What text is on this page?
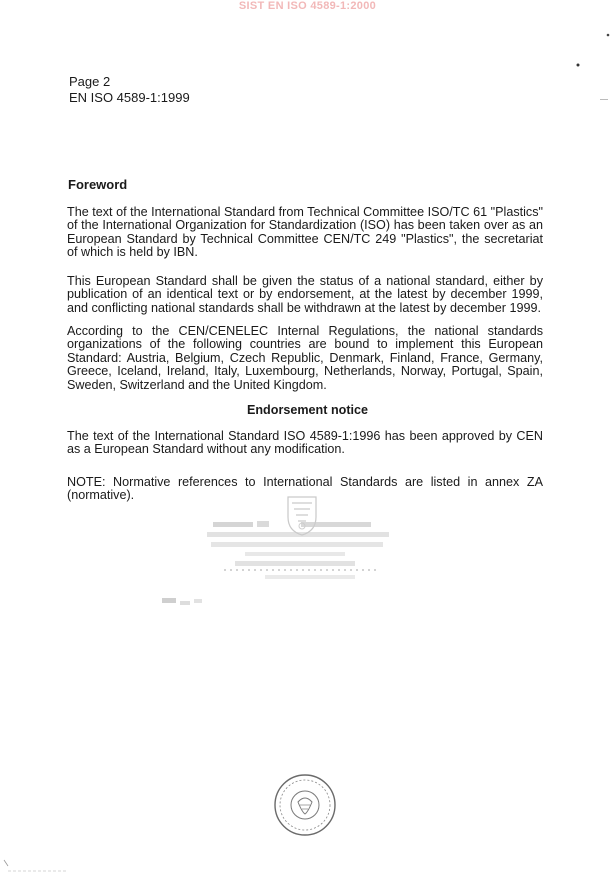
SIST EN ISO 4589-1:2000
Page 2
EN ISO 4589-1:1999
Foreword

The text of the International Standard from Technical Committee ISO/TC 61 "Plastics" of the International Organization for Standardization (ISO) has been taken over as an European Standard by Technical Committee CEN/TC 249 "Plastics", the secretariat of which is held by IBN.

This European Standard shall be given the status of a national standard, either by publication of an identical text or by endorsement, at the latest by december 1999, and conflicting national standards shall be withdrawn at the latest by december 1999.

According to the CEN/CENELEC Internal Regulations, the national standards organizations of the following countries are bound to implement this European Standard: Austria, Belgium, Czech Republic, Denmark, Finland, France, Germany, Greece, Iceland, Ireland, Italy, Luxembourg, Netherlands, Norway, Portugal, Spain, Sweden, Switzerland and the United Kingdom.

Endorsement notice

The text of the International Standard ISO 4589-1:1996 has been approved by CEN as a European Standard without any modification.

NOTE: Normative references to International Standards are listed in annex ZA (normative).
